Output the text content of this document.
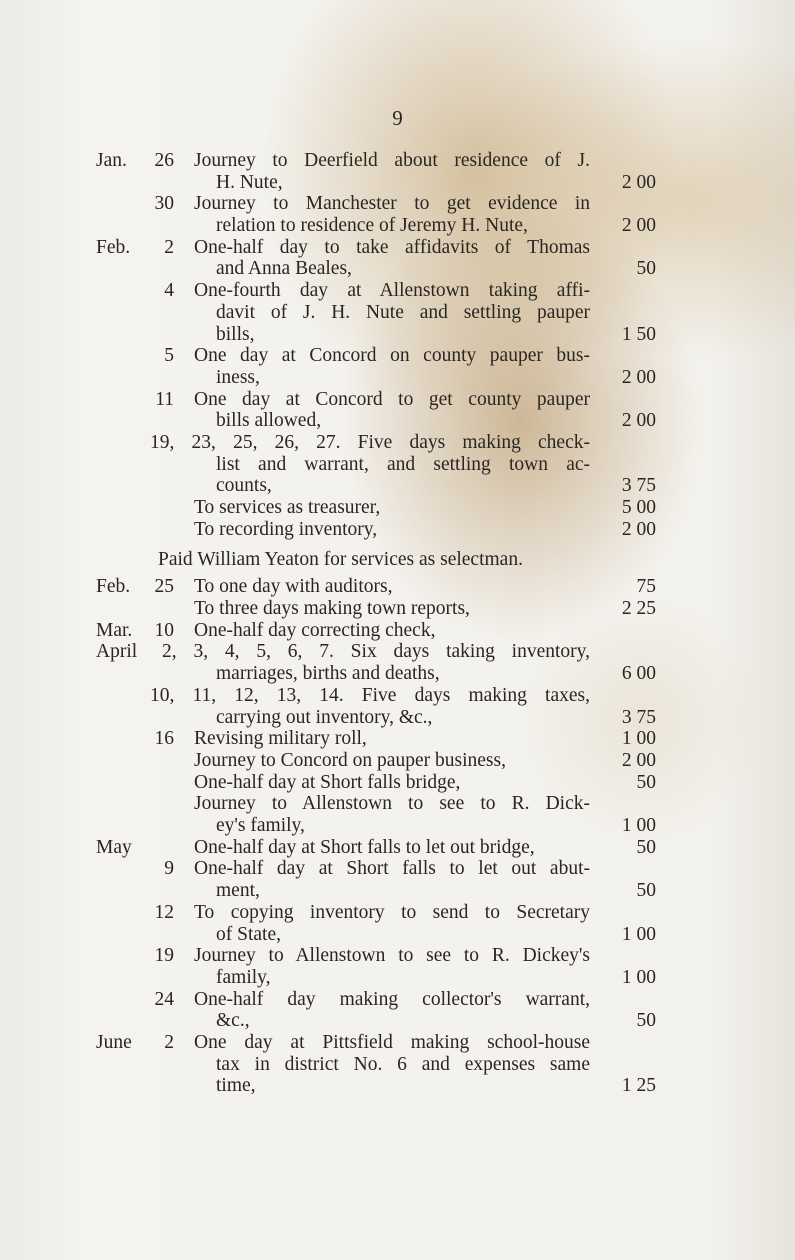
9
Jan.	26 Journey to Deerfield about residence of J.
H. Nute,	2 00
30 Journey to Manchester to get evidence in
relation to residence of Jeremy H. Nute,	2 00
Feb.	2 One-half day to take affidavits of Thomas
and Anna Beales,	50
4 One-fourth day at Allenstown taking affi-
davit of J. H. Nute and settling pauper
bills,	1 50
5 One day at Concord on county pauper bus-
iness,	2 00
11 One day at Concord to get county pauper
bills allowed,	2 00
19, 23, 25, 26, 27. Five days making check-
list and warrant, and settling town ac-
counts,	3 75
To services as treasurer,	5 00
To recording inventory,	2 00
Paid William Yeaton for services as selectman.
Feb.	25 To one day with auditors,	75
To three days making town reports,	2 25
Mar.	10 One-half day correcting check,
April 2, 3, 4, 5, 6, 7. Six days taking inventory,
marriages, births and deaths,	6 00
10, 11, 12, 13, 14. Five days making taxes,
carrying out inventory, &c.,	3 75
16 Revising military roll,	1 00
Journey to Concord on pauper business,	2 00
One-half day at Short falls bridge,	50
Journey to Allenstown to see to R. Dick-
ey's family,	1 00
May	One-half day at Short falls to let out bridge,	50
9 One-half day at Short falls to let out abut-
ment,	50
12 To copying inventory to send to Secretary
of State,	1 00
19 Journey to Allenstown to see to R. Dickey's
family,	1 00
24 One-half day making collector's warrant,
&c.,	50
June	2 One day at Pittsfield making school-house
tax in district No. 6 and expenses same
time,	1 25
